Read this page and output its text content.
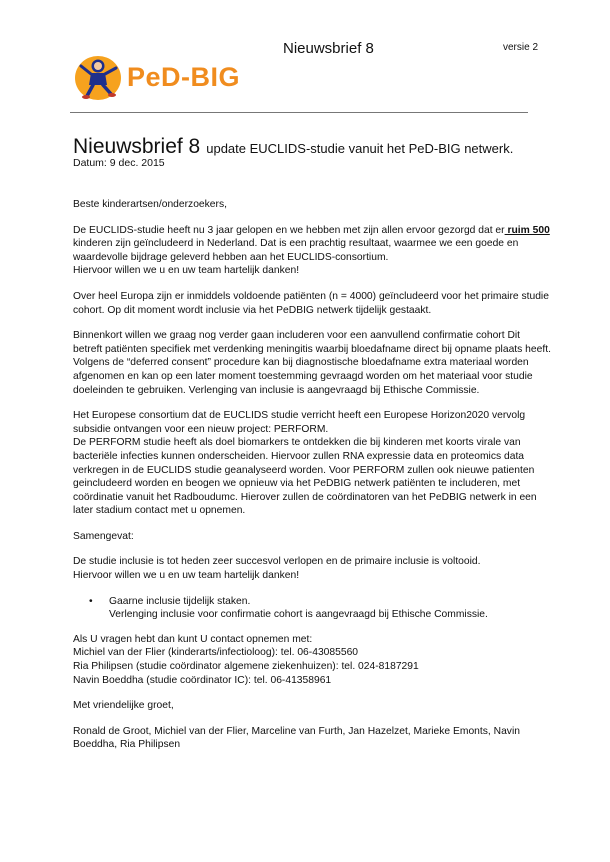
Nieuwsbrief 8	versie 2
PeD-BIG
Nieuwsbrief 8 update EUCLIDS-studie vanuit het PeD-BIG netwerk.
Datum: 9 dec. 2015

Beste kinderartsen/onderzoekers,

De EUCLIDS-studie heeft nu 3 jaar gelopen en we hebben met zijn allen ervoor gezorgd dat er ruim 500 kinderen zijn geïncludeerd in Nederland. Dat is een prachtig resultaat, waarmee we een goede en waardevolle bijdrage geleverd hebben aan het EUCLIDS-consortium.
Hiervoor willen we u en uw team hartelijk danken!

Over heel Europa zijn er inmiddels voldoende patiënten (n = 4000) geïncludeerd voor het primaire studie cohort. Op dit moment wordt inclusie via het PeDBIG netwerk tijdelijk gestaakt.

Binnenkort willen we graag nog verder gaan includeren voor een aanvullend confirmatie cohort Dit betreft patiënten specifiek met verdenking meningitis waarbij bloedafname direct bij opname plaats heeft. Volgens de “deferred consent” procedure kan bij diagnostische bloedafname extra materiaal worden afgenomen en kan op een later moment toestemming gevraagd worden om het materiaal voor studie doeleinden te gebruiken. Verlenging van inclusie is aangevraagd bij Ethische Commissie.

Het Europese consortium dat de EUCLIDS studie verricht heeft een Europese Horizon2020 vervolg subsidie ontvangen voor een nieuw project: PERFORM.
De PERFORM studie heeft als doel biomarkers te ontdekken die bij kinderen met koorts virale van bacteriële infecties kunnen onderscheiden. Hiervoor zullen RNA expressie data en proteomics data verkregen in de EUCLIDS studie geanalyseerd worden. Voor PERFORM zullen ook nieuwe patienten geincludeerd worden en beogen we opnieuw via het PeDBIG netwerk patiënten te includeren, met coördinatie vanuit het Radboudumc. Hierover zullen de coördinatoren van het PeDBIG netwerk in een later stadium contact met u opnemen.

Samengevat:

De studie inclusie is tot heden zeer succesvol verlopen en de primaire inclusie is voltooid.
Hiervoor willen we u en uw team hartelijk danken!

• Gaarne inclusie tijdelijk staken.
Verlenging inclusie voor confirmatie cohort is aangevraagd bij Ethische Commissie.

Als U vragen hebt dan kunt U contact opnemen met:
Michiel van der Flier (kinderarts/infectioloog): tel. 06-43085560
Ria Philipsen (studie coördinator algemene ziekenhuizen): tel. 024-8187291
Navin Boeddha (studie coördinator IC): tel. 06-41358961

Met vriendelijke groet,

Ronald de Groot, Michiel van der Flier, Marceline van Furth, Jan Hazelzet, Marieke Emonts, Navin Boeddha, Ria Philipsen
